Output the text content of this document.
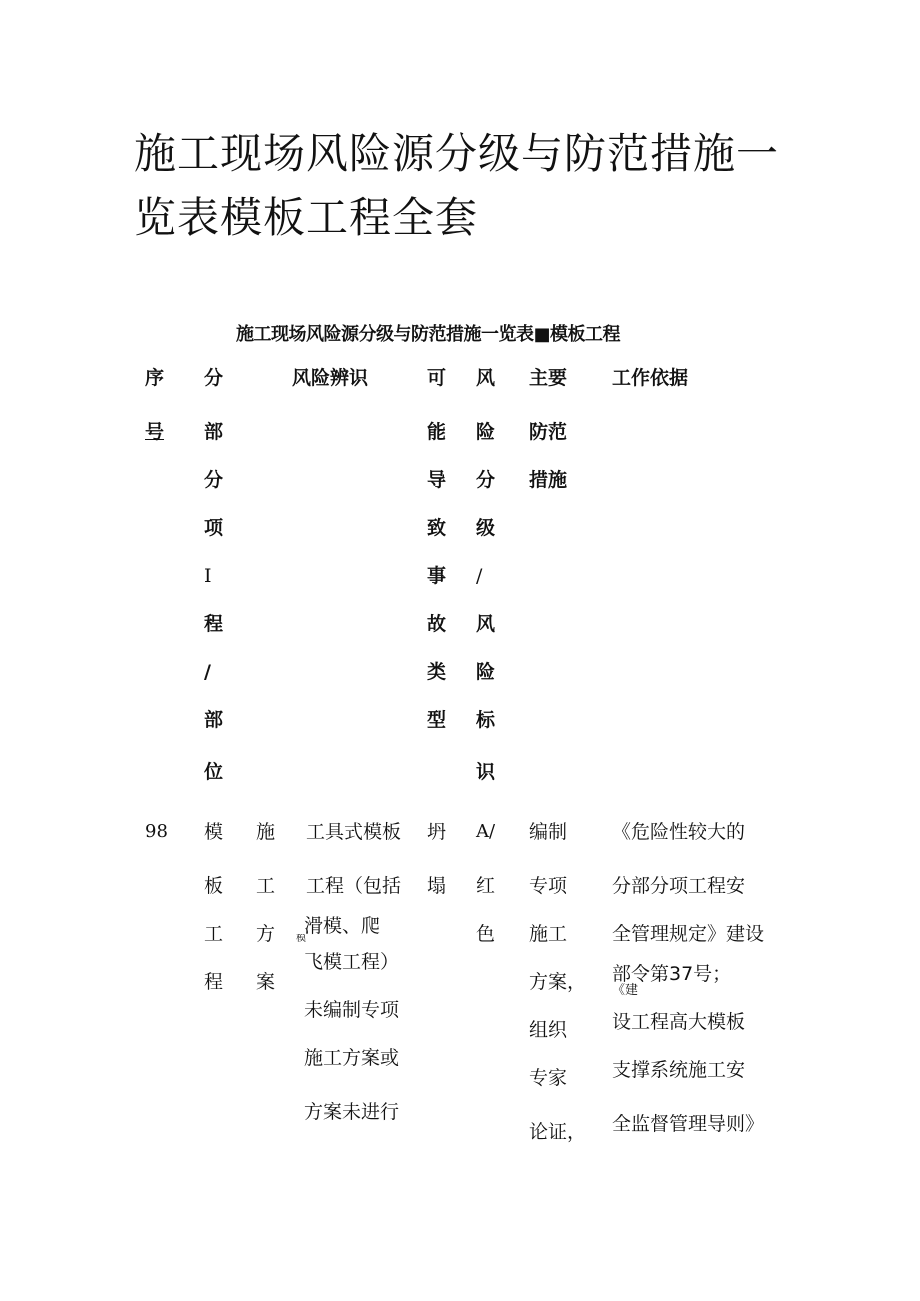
施工现场风险源分级与防范措施一
览表模板工程全套
施工现场风险源分级与防范措施一览表■模板工程
序
号
分
部
分
项
I
程
/
部
位
风险辨识	可
能
导
致
事
故
类
型
风
险
分
级
/
风
险
标
识
主要
防范
措施
工作依据
98 模
板
工
程
施
工
方
案
工具式模板
工程（包括
滑模、爬
模
飞模工程）
未编制专项
施工方案或
方案未进行
坍
塌
A/
红
色
编制
专项
施工
方案，
组织
专家
论证，
《危险性较大的
分部分项工程安
全管理规定》建设
部令第37号；
《建
设工程高大模板
支撑系统施工安
全监督管理导则》
